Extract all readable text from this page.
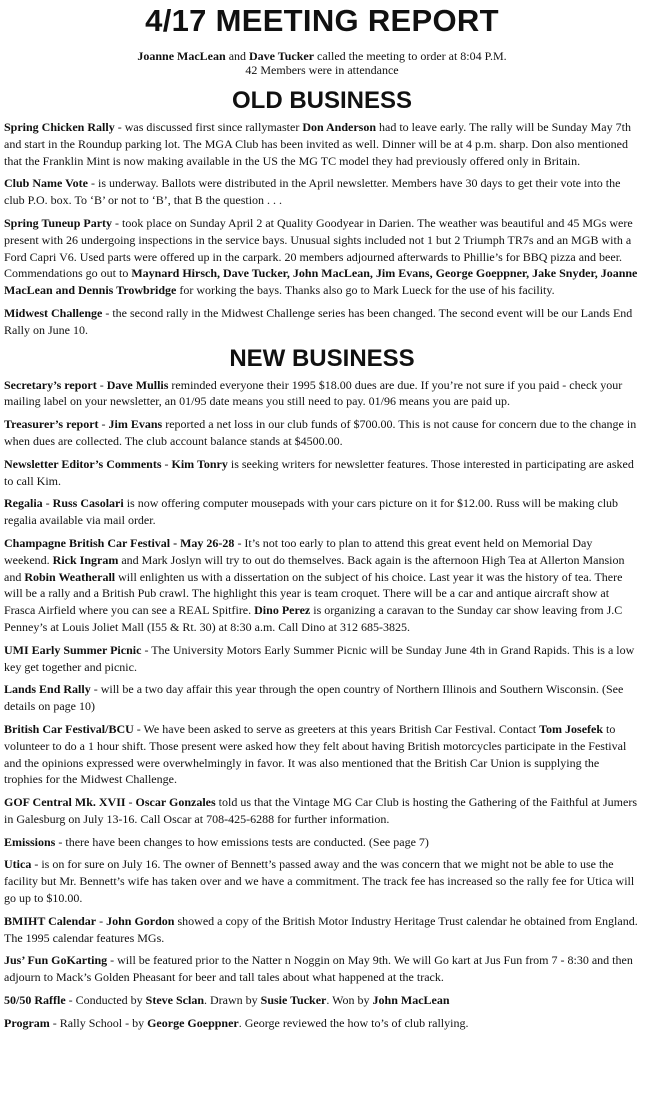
4/17 MEETING REPORT

Joanne MacLean and Dave Tucker called the meeting to order at 8:04 P.M.
42 Members were in attendance

OLD BUSINESS

Spring Chicken Rally - was discussed first since rallymaster Don Anderson had to leave early. The rally will be Sunday May 7th and start in the Roundup parking lot. The MGA Club has been invited as well. Dinner will be at 4 p.m. sharp. Don also mentioned that the Franklin Mint is now making available in the US the MG TC model they had previously offered only in Britain.

Club Name Vote - is underway. Ballots were distributed in the April newsletter. Members have 30 days to get their vote into the club P.O. box. To ‘B’ or not to ‘B’, that B the question . . .

Spring Tuneup Party - took place on Sunday April 2 at Quality Goodyear in Darien. The weather was beautiful and 45 MGs were present with 26 undergoing inspections in the service bays. Unusual sights included not 1 but 2 Triumph TR7s and an MGB with a Ford Capri V6. Used parts were offered up in the carpark. 20 members adjourned afterwards to Phillie’s for BBQ pizza and beer. Commendations go out to Maynard Hirsch, Dave Tucker, John MacLean, Jim Evans, George Goeppner, Jake Snyder, Joanne MacLean and Dennis Trowbridge for working the bays. Thanks also go to Mark Lueck for the use of his facility.

Midwest Challenge - the second rally in the Midwest Challenge series has been changed. The second event will be our Lands End Rally on June 10.

NEW BUSINESS

Secretary’s report - Dave Mullis reminded everyone their 1995 $18.00 dues are due. If you’re not sure if you paid - check your mailing label on your newsletter, an 01/95 date means you still need to pay. 01/96 means you are paid up.

Treasurer’s report - Jim Evans reported a net loss in our club funds of $700.00. This is not cause for concern due to the change in when dues are collected. The club account balance stands at $4500.00.

Newsletter Editor’s Comments - Kim Tonry is seeking writers for newsletter features. Those interested in participating are asked to call Kim.

Regalia - Russ Casolari is now offering computer mousepads with your cars picture on it for $12.00. Russ will be making club regalia available via mail order.

Champagne British Car Festival - May 26-28 - It’s not too early to plan to attend this great event held on Memorial Day weekend. Rick Ingram and Mark Joslyn will try to out do themselves. Back again is the afternoon High Tea at Allerton Mansion and Robin Weatherall will enlighten us with a dissertation on the subject of his choice. Last year it was the history of tea. There will be a rally and a British Pub crawl. The highlight this year is team croquet. There will be a car and antique aircraft show at Frasca Airfield where you can see a REAL Spitfire. Dino Perez is organizing a caravan to the Sunday car show leaving from J.C Penney’s at Louis Joliet Mall (I55 & Rt. 30) at 8:30 a.m. Call Dino at 312 685-3825.

UMI Early Summer Picnic - The University Motors Early Summer Picnic will be Sunday June 4th in Grand Rapids. This is a low key get together and picnic.

Lands End Rally - will be a two day affair this year through the open country of Northern Illinois and Southern Wisconsin. (See details on page 10)

British Car Festival/BCU - We have been asked to serve as greeters at this years British Car Festival. Contact Tom Josefek to volunteer to do a 1 hour shift. Those present were asked how they felt about having British motorcycles participate in the Festival and the opinions expressed were overwhelmingly in favor. It was also mentioned that the British Car Union is supplying the trophies for the Midwest Challenge.

GOF Central Mk. XVII - Oscar Gonzales told us that the Vintage MG Car Club is hosting the Gathering of the Faithful at Jumers in Galesburg on July 13-16. Call Oscar at 708-425-6288 for further information.

Emissions - there have been changes to how emissions tests are conducted. (See page 7)

Utica - is on for sure on July 16. The owner of Bennett’s passed away and the was concern that we might not be able to use the facility but Mr. Bennett’s wife has taken over and we have a commitment. The track fee has increased so the rally fee for Utica will go up to $10.00.

BMIHT Calendar - John Gordon showed a copy of the British Motor Industry Heritage Trust calendar he obtained from England. The 1995 calendar features MGs.

Jus’ Fun GoKarting - will be featured prior to the Natter n Noggin on May 9th. We will Go kart at Jus Fun from 7 - 8:30 and then adjourn to Mack’s Golden Pheasant for beer and tall tales about what happened at the track.

50/50 Raffle - Conducted by Steve Sclan. Drawn by Susie Tucker. Won by John MacLean

Program - Rally School - by George Goeppner. George reviewed the how to’s of club rallying.
